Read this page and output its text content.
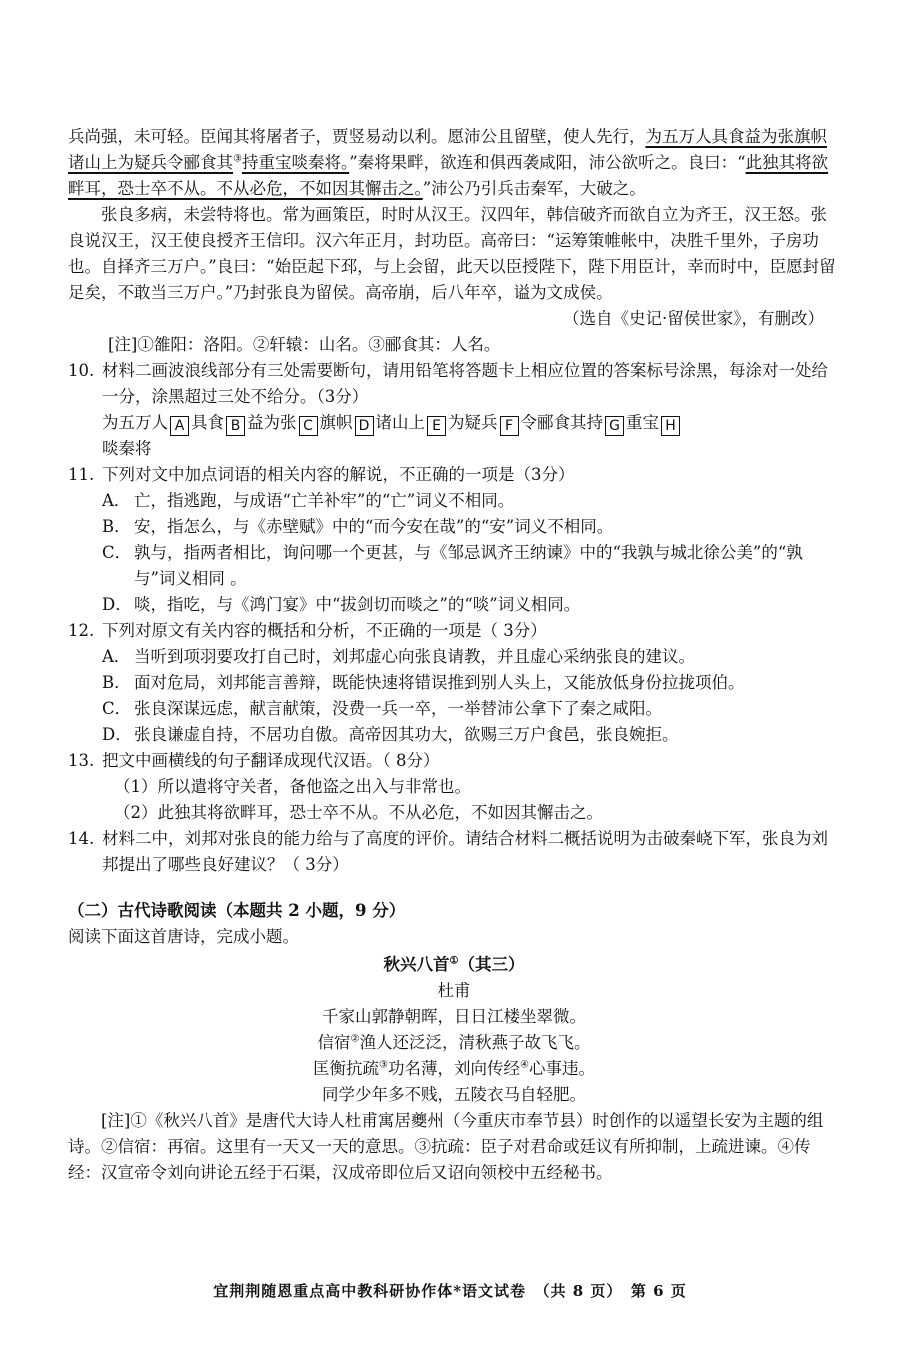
兵尚强，未可轻。臣闻其将屠者子，贾竖易动以利。愿沛公且留壁，使人先行，为五万人具食益为张旗帜诸山上为疑兵令郦食其③持重宝啖秦将。”秦将果畔，欲连和俱西袭咸阳，沛公欲听之。良曰：“此独其将欲畔耳，恐士卒不从。不从必危，不如因其懈击之。”沛公乃引兵击秦军，大破之。

张良多病，未尝特将也。常为画策臣，时时从汉王。汉四年，韩信破齐而欲自立为齐王，汉王怒。张良说汉王，汉王使良授齐王信印。汉六年正月，封功臣。高帝曰：“运筹策帷帐中，决胜千里外，子房功也。自择齐三万户。”良曰：“始臣起下邳，与上会留，此天以臣授陛下，陛下用臣计，幸而时中，臣愿封留足矣，不敢当三万户。”乃封张良为留侯。高帝崩，后八年卒，谥为文成侯。

（选自《史记·留侯世家》，有删改）

[注]①雒阳：洛阳。②轩辕：山名。③郦食其：人名。

10. 材料二画波浪线部分有三处需要断句，请用铅笔将答题卡上相应位置的答案标号涂黑，每涂对一处给一分，涂黑超过三处不给分。（3分）
为五万人 A 具食 B 益为张 C 旗帜 D 诸山上 E 为疑兵 F 令郦食其持 G 重宝 H

啖秦将

11. 下列对文中加点词语的相关内容的解说，不正确的一项是（3分）
A． 亡，指逃跑，与成语“亡羊补牢”的“亡”词义不相同。
B． 安，指怎么，与《赤壁赋》中的“而今安在哉”的“安”词义不相同。
C． 孰与，指两者相比，询问哪一个更甚，与《邹忌讽齐王纳谏》中的“我孰与城北徐公美”的“孰与”词义相同 。
D． 啖，指吃，与《鸿门宴》中“拔剑切而啖之”的“啖”词义相同。
12. 下列对原文有关内容的概括和分析，不正确的一项是（ 3分）
A． 当听到项羽要攻打自己时，刘邦虚心向张良请教，并且虚心采纳张良的建议。
B． 面对危局，刘邦能言善辩，既能快速将错误推到别人头上，又能放低身份拉拢项伯。
C． 张良深谋远虑，献言献策，没费一兵一卒，一举替沛公拿下了秦之咸阳。
D． 张良谦虚自持，不居功自傲。高帝因其功大，欲赐三万户食邑，张良婉拒。
13. 把文中画横线的句子翻译成现代汉语。（ 8分）

（1）所以遣将守关者，备他盗之出入与非常也。

（2）此独其将欲畔耳，恐士卒不从。不从必危，不如因其懈击之。

14. 材料二中，刘邦对张良的能力给与了高度的评价。请结合材料二概括说明为击破秦峣下军，张良为刘邦提出了哪些良好建议？（ 3分）

（二）古代诗歌阅读（本题共 2 小题，9 分）

阅读下面这首唐诗，完成小题。

秋兴八首①（其三）

杜甫

千家山郭静朝晖，日日江楼坐翠微。

信宿②渔人还泛泛，清秋燕子故飞飞。

匡衡抗疏③功名薄，刘向传经④心事违。

同学少年多不贱，五陵衣马自轻肥。

[注]①《秋兴八首》是唐代大诗人杜甫寓居夔州（今重庆市奉节县）时创作的以遥望长安为主题的组诗。②信宿：再宿。这里有一天又一天的意思。③抗疏：臣子对君命或廷议有所抑制，上疏进谏。④传经：汉宣帝令刘向讲论五经于石渠，汉成帝即位后又诏向领校中五经秘书。

宜荆荆随恩重点高中教科研协作体*语文试卷　（共 8 页）　第 6 页
